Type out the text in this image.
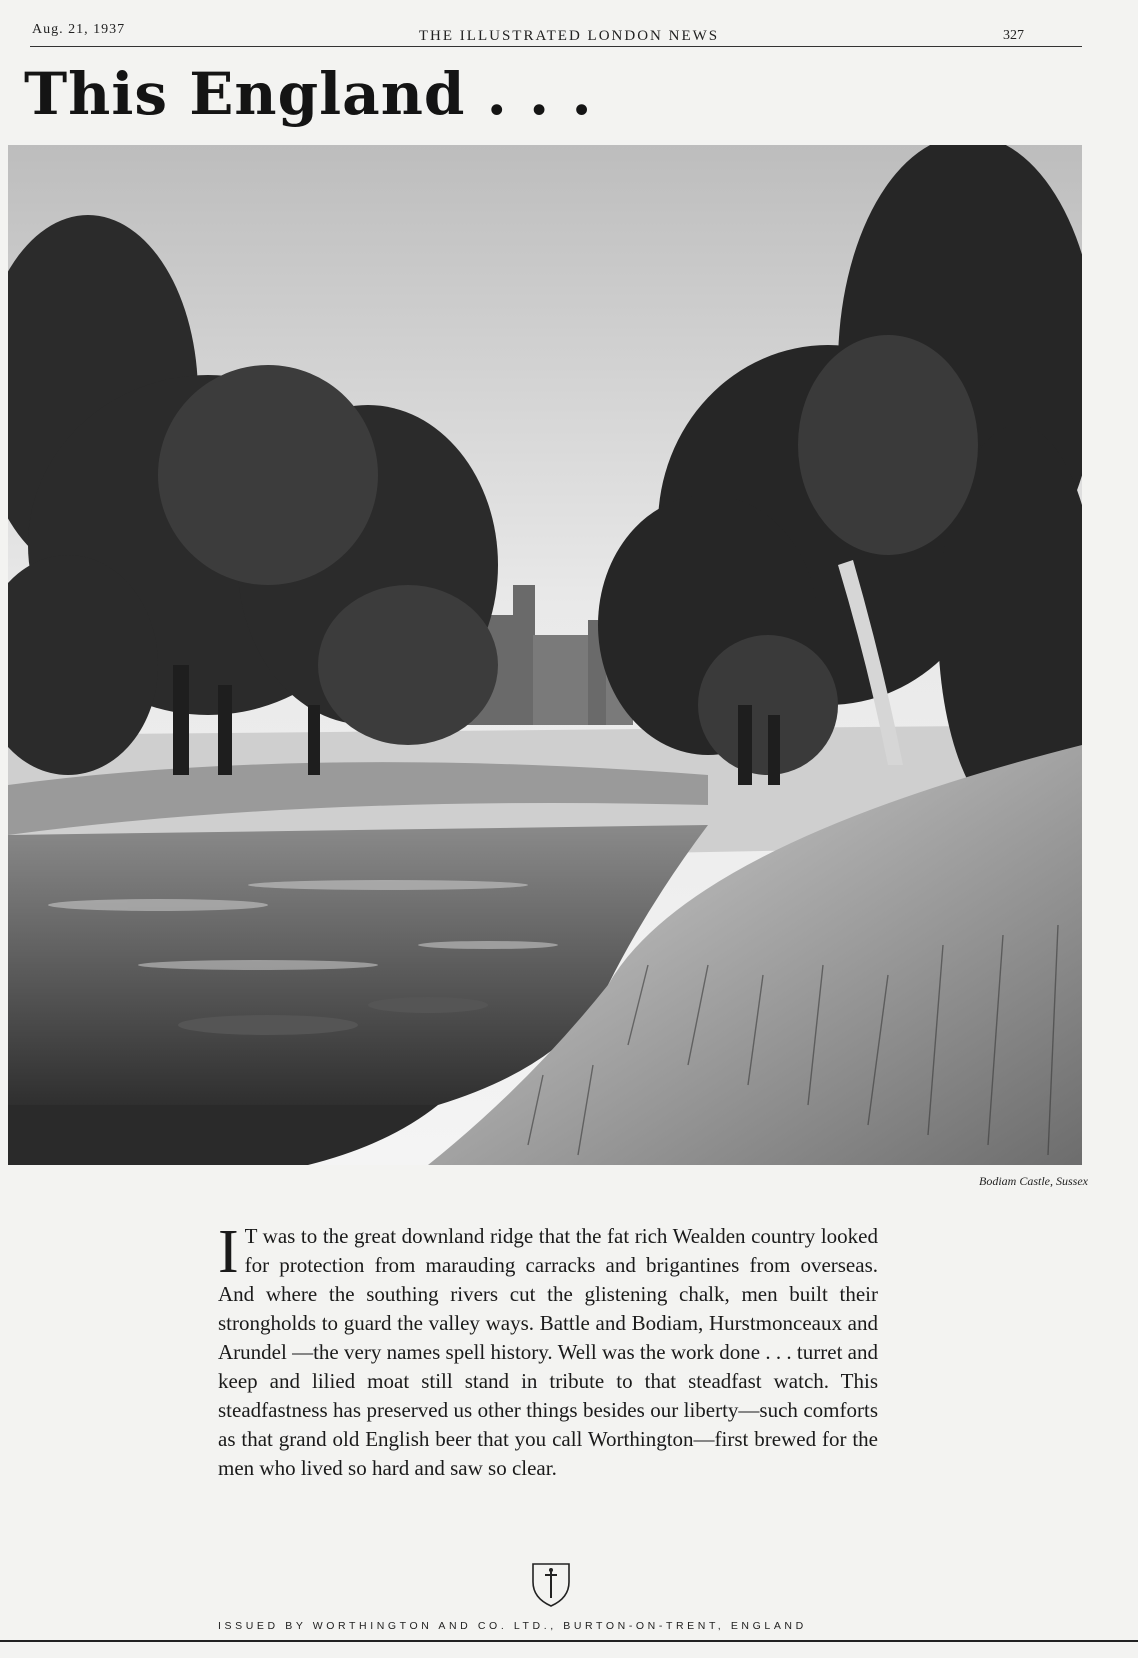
Aug. 21, 1937	THE ILLUSTRATED LONDON NEWS	327
This England . . .
Bodiam Castle, Sussex
I T was to the great downland ridge that the fat rich Wealden country looked for protection from marauding carracks and brigantines from overseas. And where the southing rivers cut the glistening chalk, men built their strongholds to guard the valley ways. Battle and Bodiam, Hurstmonceaux and Arundel —the very names spell history. Well was the work done . . . turret and keep and lilied moat still stand in tribute to that steadfast watch. This steadfastness has preserved us other things besides our liberty—such comforts as that grand old English beer that you call Worthington—first brewed for the men who lived so hard and saw so clear.
ISSUED BY WORTHINGTON AND CO. LTD., BURTON-ON-TRENT, ENGLAND
